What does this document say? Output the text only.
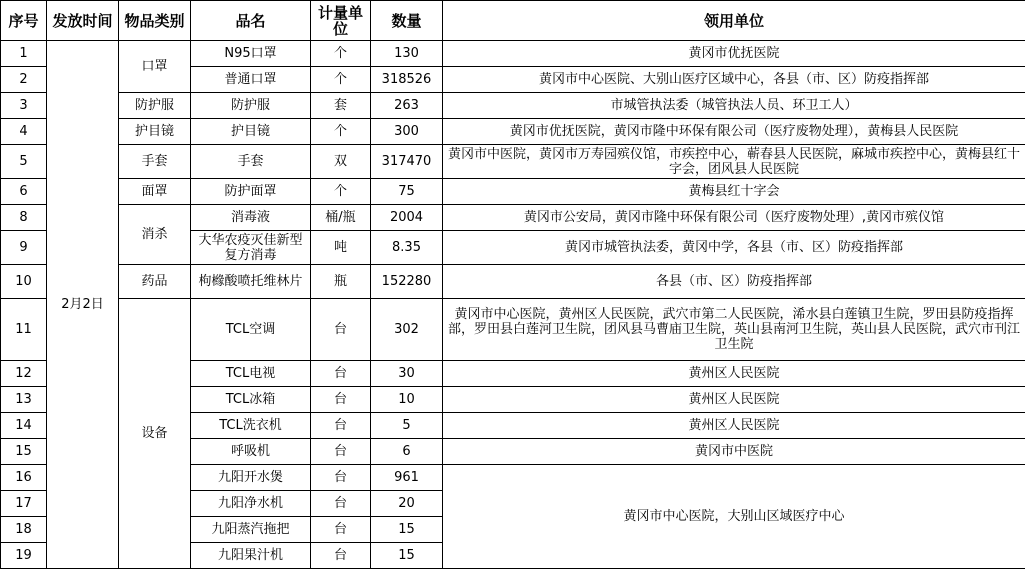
序号	发放时间	物品类别	品名	计量单位	数量	领用单位
1	2月2日	口罩	N95口罩	个	130	黄冈市优抚医院
2			普通口罩	个	318526	黄冈市中心医院、大别山医疗区域中心，各县（市、区）防疫指挥部
3		防护服	防护服	套	263	市城管执法委（城管执法人员、环卫工人）
4		护目镜	护目镜	个	300	黄冈市优抚医院，黄冈市隆中环保有限公司（医疗废物处理），黄梅县人民医院
5		手套	手套	双	317470	黄冈市中医院，黄冈市万寿园殡仪馆，市疾控中心，蕲春县人民医院，麻城市疾控中心，黄梅县红十字会，团风县人民医院
6		面罩	防护面罩	个	75	黄梅县红十字会
8		消杀	消毒液	桶/瓶	2004	黄冈市公安局，黄冈市隆中环保有限公司（医疗废物处理）,黄冈市殡仪馆
9			大华农疫灭佳新型复方消毒	吨	8.35	黄冈市城管执法委，黄冈中学，各县（市、区）防疫指挥部
10		药品	枸橼酸喷托维林片	瓶	152280	各县（市、区）防疫指挥部
11		设备	TCL空调	台	302	黄冈市中心医院，黄州区人民医院，武穴市第二人民医院，浠水县白莲镇卫生院，罗田县防疫指挥部，罗田县白莲河卫生院，团风县马曹庙卫生院，英山县南河卫生院，英山县人民医院，武穴市刊江卫生院
12			TCL电视	台	30	黄州区人民医院
13			TCL冰箱	台	10	黄州区人民医院
14			TCL洗衣机	台	5	黄州区人民医院
15			呼吸机	台	6	黄冈市中医院
16			九阳开水煲	台	961	黄冈市中心医院，大别山区域医疗中心
17			九阳净水机	台	20	
18			九阳蒸汽拖把	台	15	
19			九阳果汁机	台	15	
